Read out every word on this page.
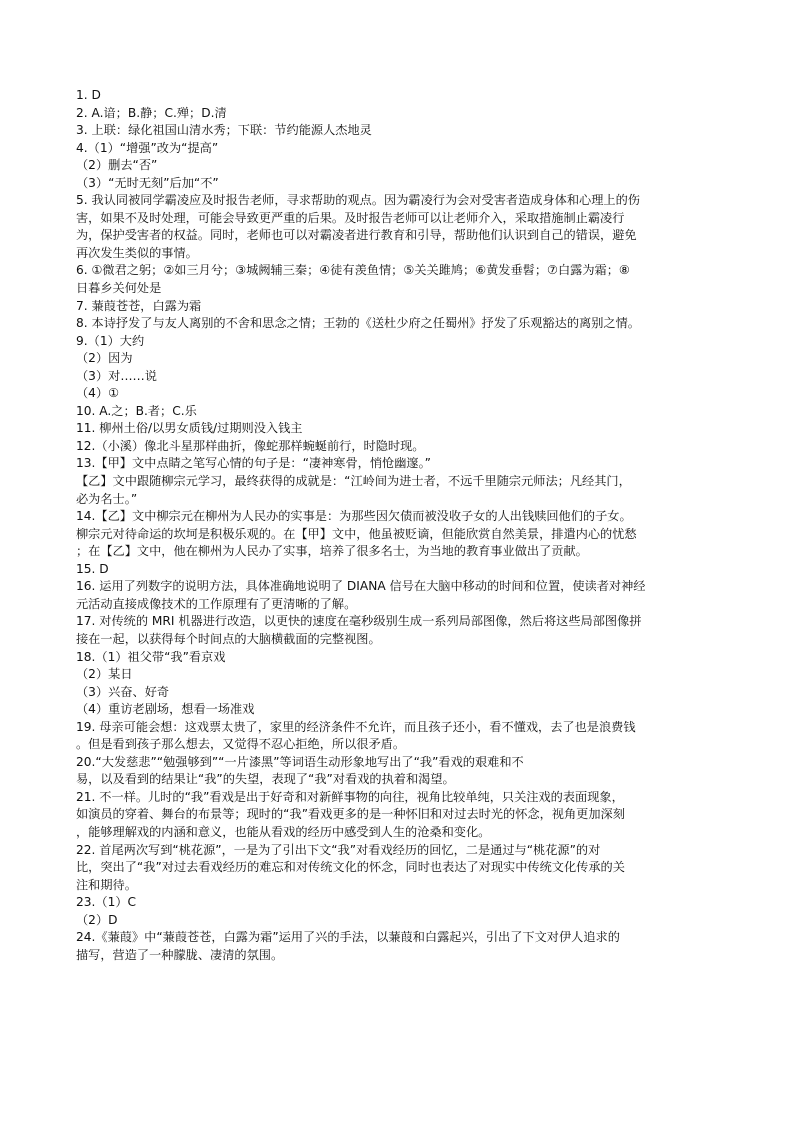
1. D
2. A.谙；B.静；C.殚；D.清
3. 上联：绿化祖国山清水秀；下联：节约能源人杰地灵
4.（1）“增强”改为“提高”
（2）删去“否”
（3）“无时无刻”后加“不”
5. 我认同被同学霸凌应及时报告老师，寻求帮助的观点。因为霸凌行为会对受害者造成身体和心理上的伤
害，如果不及时处理，可能会导致更严重的后果。及时报告老师可以让老师介入，采取措施制止霸凌行
为，保护受害者的权益。同时，老师也可以对霸凌者进行教育和引导，帮助他们认识到自己的错误，避免
再次发生类似的事情。
6. ①微君之躬；②如三月兮；③城阙辅三秦；④徒有羡鱼情；⑤关关雎鸠；⑥黄发垂髫；⑦白露为霜；⑧
日暮乡关何处是
7. 蒹葭苍苍，白露为霜
8. 本诗抒发了与友人离别的不舍和思念之情；王勃的《送杜少府之任蜀州》抒发了乐观豁达的离别之情。
9.（1）大约
（2）因为
（3）对……说
（4）①
10. A.之；B.者；C.乐
11. 柳州土俗/以男女质钱/过期则没入钱主
12.（小溪）像北斗星那样曲折，像蛇那样蜿蜒前行，时隐时现。
13.【甲】文中点睛之笔写心情的句子是：“凄神寒骨，悄怆幽邃。”
【乙】文中跟随柳宗元学习，最终获得的成就是：“江岭间为进士者，不远千里随宗元师法；凡经其门，
必为名士。”
14.【乙】文中柳宗元在柳州为人民办的实事是：为那些因欠债而被没收子女的人出钱赎回他们的子女。
柳宗元对待命运的坎坷是积极乐观的。在【甲】文中，他虽被贬谪，但能欣赏自然美景，排遣内心的忧愁
；在【乙】文中，他在柳州为人民办了实事，培养了很多名士，为当地的教育事业做出了贡献。
15. D
16. 运用了列数字的说明方法，具体准确地说明了 DIANA 信号在大脑中移动的时间和位置，使读者对神经
元活动直接成像技术的工作原理有了更清晰的了解。
17. 对传统的 MRI 机器进行改造，以更快的速度在毫秒级别生成一系列局部图像，然后将这些局部图像拼
接在一起，以获得每个时间点的大脑横截面的完整视图。
18.（1）祖父带“我”看京戏
（2）某日
（3）兴奋、好奇
（4）重访老剧场，想看一场准戏
19. 母亲可能会想：这戏票太贵了，家里的经济条件不允许，而且孩子还小，看不懂戏，去了也是浪费钱
。但是看到孩子那么想去，又觉得不忍心拒绝，所以很矛盾。
20.“大发慈悲”“勉强够到”“一片漆黑”等词语生动形象地写出了“我”看戏的艰难和不
易，以及看到的结果让“我”的失望，表现了“我”对看戏的执着和渴望。
21. 不一样。儿时的“我”看戏是出于好奇和对新鲜事物的向往，视角比较单纯，只关注戏的表面现象，
如演员的穿着、舞台的布景等；现时的“我”看戏更多的是一种怀旧和对过去时光的怀念，视角更加深刻
，能够理解戏的内涵和意义，也能从看戏的经历中感受到人生的沧桑和变化。
22. 首尾两次写到“桃花源”，一是为了引出下文“我”对看戏经历的回忆，二是通过与“桃花源”的对
比，突出了“我”对过去看戏经历的难忘和对传统文化的怀念，同时也表达了对现实中传统文化传承的关
注和期待。
23.（1）C
（2）D
24.《蒹葭》中“蒹葭苍苍，白露为霜”运用了兴的手法，以蒹葭和白露起兴，引出了下文对伊人追求的
描写，营造了一种朦胧、凄清的氛围。
